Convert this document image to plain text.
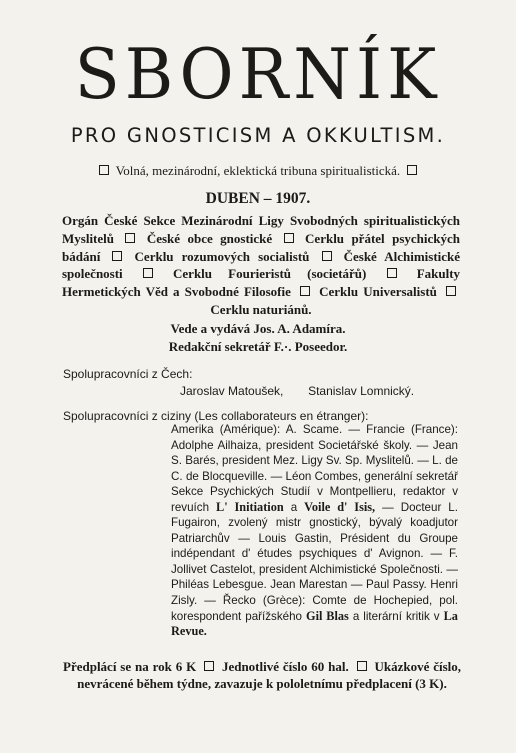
SBORNÍK
PRO GNOSTICISM A OKKULTISM.
Volná, mezinárodní, eklektická tribuna spiritualistická.
DUBEN – 1907.
Orgán České Sekce Mezinárodní Ligy Svobodných spiritualistických Myslitelů	České obce gnostické	Cerklu přátel psychických bádání	Cerklu rozumových socialistů	České Alchimistické společnosti	Cerklu Fourieristů (societářů)	Fakulty Hermetických Věd a Svobodné Filosofie Cerklu Universalistů  Cerklu naturiánů.
Vede a vydává Jos. A. Adamíra.
Redakční sekretář F.·. Poseedor.
Spolupracovníci z Čech:
Jaroslav Matoušek, Stanislav Lomnický.
Spolupracovníci z ciziny (Les collaborateurs en étranger):
Amerika (Amérique): A. Scame. — Francie (France): Adolphe Ailhaiza, president Societářské školy. — Jean S. Barés, president Mez. Ligy Sv. Sp. Myslitelů. — L. de C. de Blocqueville. — Léon Combes, generální sekretář Sekce Psychických Studií v Montpellieru, redaktor v revuích L' Initiation a Voile d' Isis, — Docteur L. Fugairon, zvolený mistr gnostický, bývalý koadjutor Patriarchův — Louis Gastin, Président du Groupe indépendant d' études psychiques d' Avignon. — F. Jollivet Castelot, president Alchimistické Společnosti. — Philéas Lebesgue. Jean Marestan — Paul Passy. Henri Zisly. — Řecko (Grèce): Comte de Hochepied, pol. korespondent pařížského Gil Blas a literární kritik v La Revue.
Předplácí se na rok 6 K Jednotlivé číslo 60 hal. Ukázkové číslo, nevrácené během týdne, zavazuje k pololetnímu předplacení (3 K).
